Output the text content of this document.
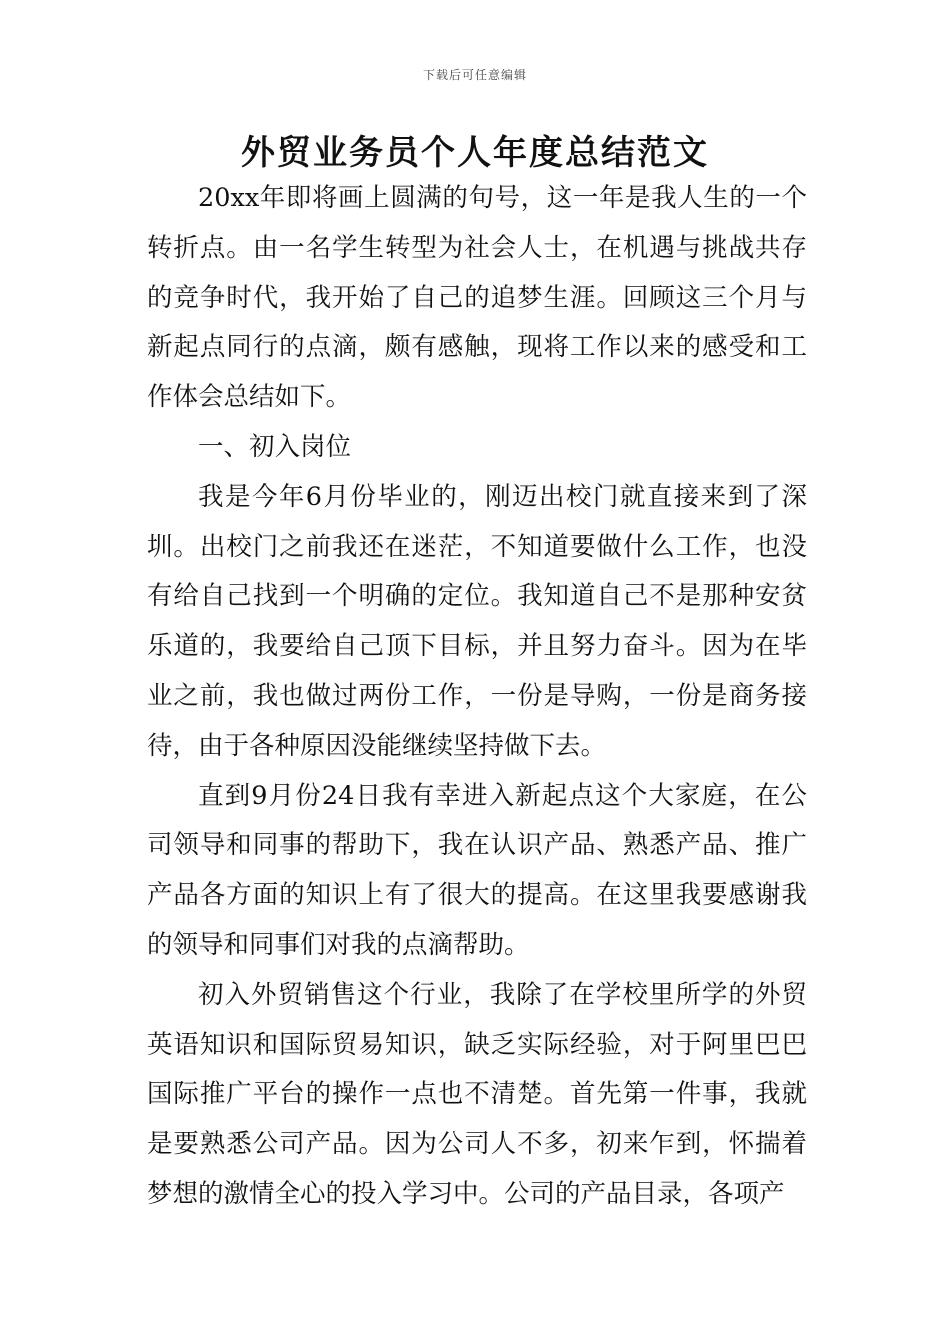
下载后可任意编辑
外贸业务员个人年度总结范文

20xx年即将画上圆满的句号，这一年是我人生的一个转折点。由一名学生转型为社会人士，在机遇与挑战共存的竞争时代，我开始了自己的追梦生涯。回顾这三个月与新起点同行的点滴，颇有感触，现将工作以来的感受和工作体会总结如下。

一、初入岗位

我是今年6月份毕业的，刚迈出校门就直接来到了深圳。出校门之前我还在迷茫，不知道要做什么工作，也没有给自己找到一个明确的定位。我知道自己不是那种安贫乐道的，我要给自己顶下目标，并且努力奋斗。因为在毕业之前，我也做过两份工作，一份是导购，一份是商务接待，由于各种原因没能继续坚持做下去。

直到9月份24日我有幸进入新起点这个大家庭，在公司领导和同事的帮助下，我在认识产品、熟悉产品、推广产品各方面的知识上有了很大的提高。在这里我要感谢我的领导和同事们对我的点滴帮助。

初入外贸销售这个行业，我除了在学校里所学的外贸英语知识和国际贸易知识，缺乏实际经验，对于阿里巴巴国际推广平台的操作一点也不清楚。首先第一件事，我就是要熟悉公司产品。因为公司人不多，初来乍到，怀揣着梦想的激情全心的投入学习中。公司的产品目录，各项产
